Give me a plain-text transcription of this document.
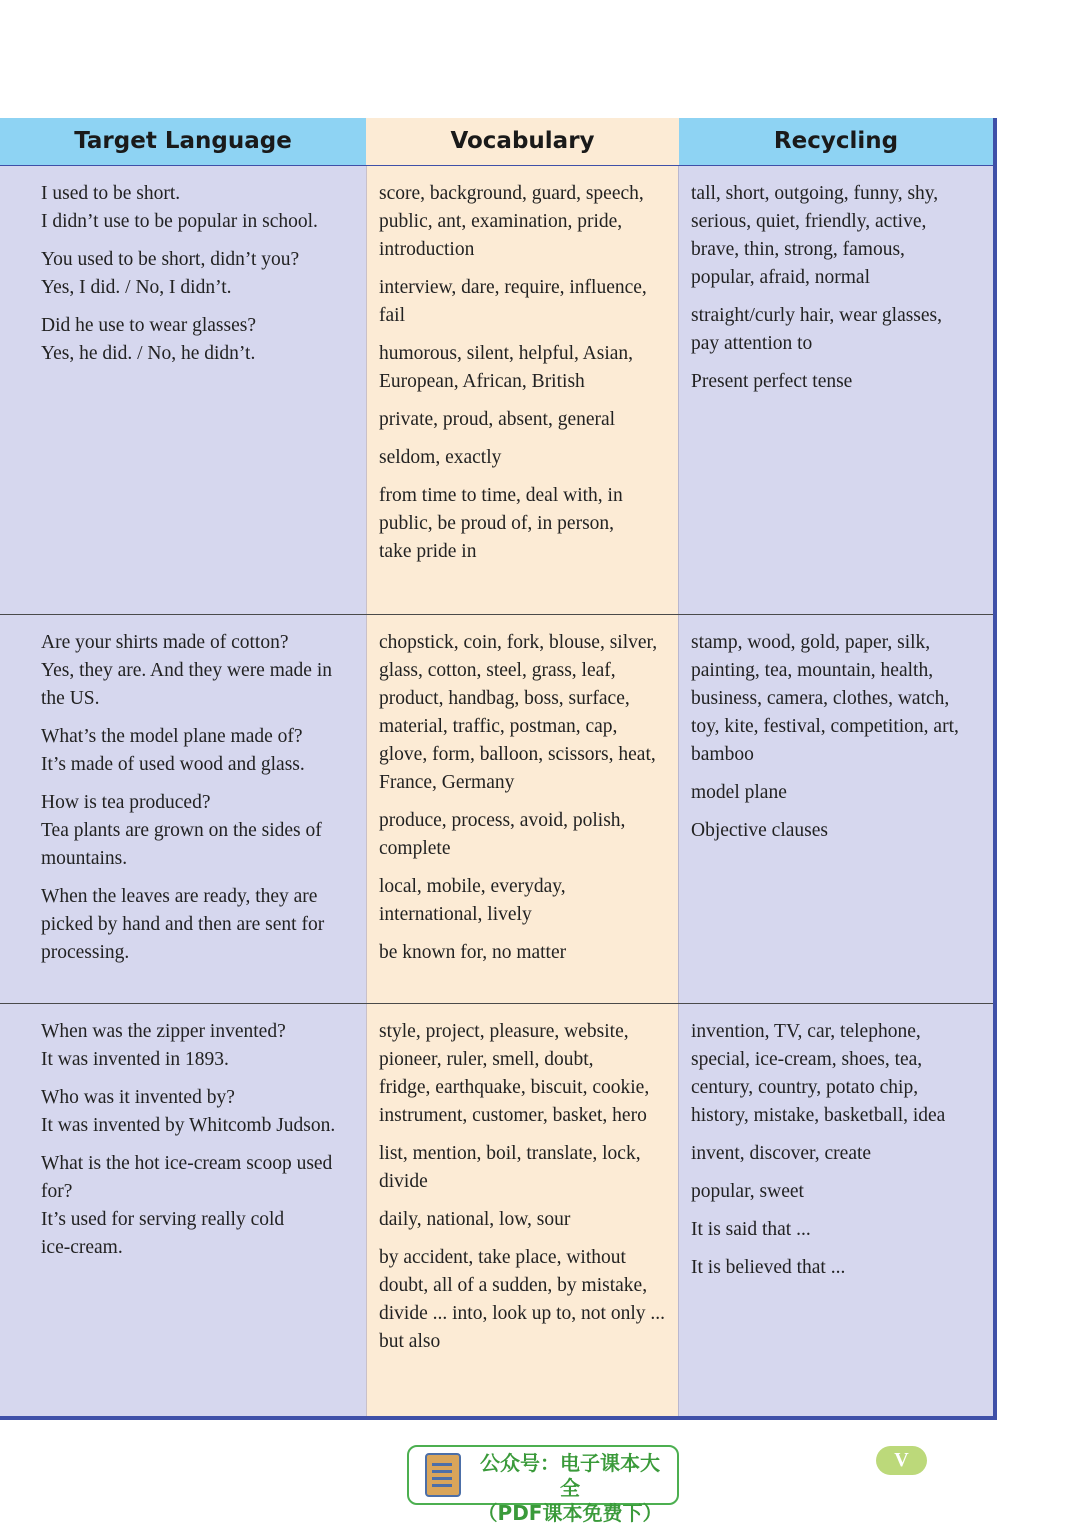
Target Language	Vocabulary	Recycling
I used to be short.
I didn’t use to be popular in school.
You used to be short, didn’t you?
Yes, I did. / No, I didn’t.
Did he use to wear glasses?
Yes, he did. / No, he didn’t.
score, background, guard, speech,
public, ant, examination, pride,
introduction
interview, dare, require, influence,
fail
humorous, silent, helpful, Asian,
European, African, British
private, proud, absent, general
seldom, exactly
from time to time, deal with, in
public, be proud of, in person,
take pride in
tall, short, outgoing, funny, shy,
serious, quiet, friendly, active,
brave, thin, strong, famous,
popular, afraid, normal
straight/curly hair, wear glasses,
pay attention to
Present perfect tense
Are your shirts made of cotton?
Yes, they are. And they were made in
the US.
What’s the model plane made of?
It’s made of used wood and glass.
How is tea produced?
Tea plants are grown on the sides of
mountains.
When the leaves are ready, they are
picked by hand and then are sent for
processing.
chopstick, coin, fork, blouse, silver,
glass, cotton, steel, grass, leaf,
product, handbag, boss, surface,
material, traffic, postman, cap,
glove, form, balloon, scissors, heat,
France, Germany
produce, process, avoid, polish,
complete
local, mobile, everyday,
international, lively
be known for, no matter
stamp, wood, gold, paper, silk,
painting, tea, mountain, health,
business, camera, clothes, watch,
toy, kite, festival, competition, art,
bamboo
model plane
Objective clauses
When was the zipper invented?
It was invented in 1893.
Who was it invented by?
It was invented by Whitcomb Judson.
What is the hot ice-cream scoop used
for?
It’s used for serving really cold
ice-cream.
style, project, pleasure, website,
pioneer, ruler, smell, doubt,
fridge, earthquake, biscuit, cookie,
instrument, customer, basket, hero
list, mention, boil, translate, lock,
divide
daily, national, low, sour
by accident, take place, without
doubt, all of a sudden, by mistake,
divide ... into, look up to, not only ...
but also
invention, TV, car, telephone,
special, ice-cream, shoes, tea,
century, country, potato chip,
history, mistake, basketball, idea
invent, discover, create
popular, sweet
It is said that ...
It is believed that ...
公众号：电子课本大全
（PDF课本免费下）
V
